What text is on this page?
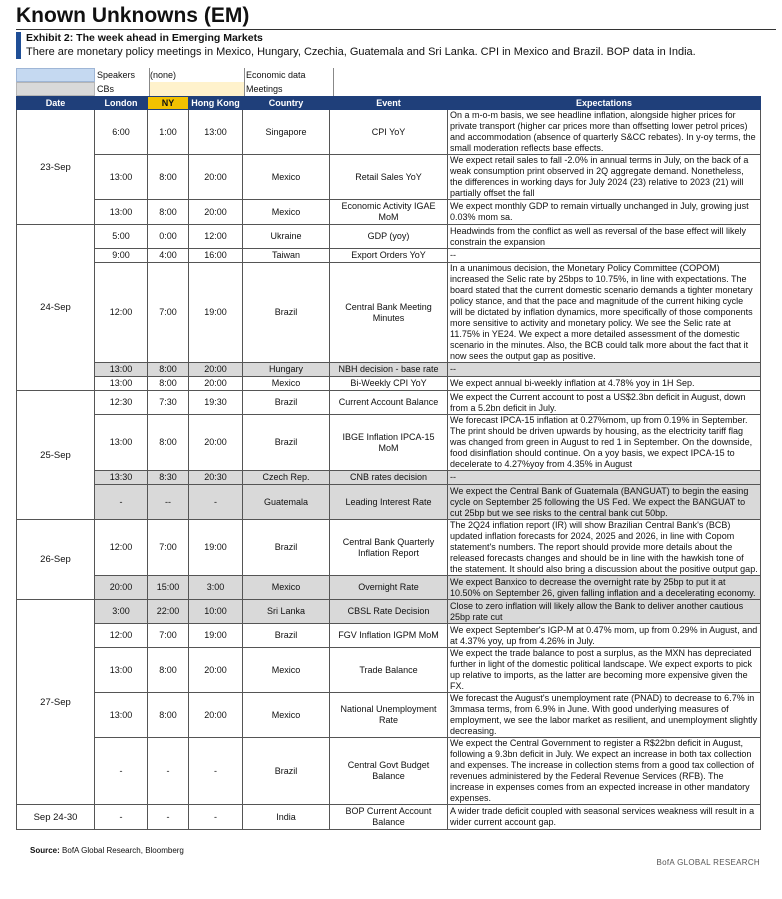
Known Unknowns (EM)
Exhibit 2: The week ahead in Emerging Markets
There are monetary policy meetings in Mexico, Hungary, Czechia, Guatemala and Sri Lanka. CPI in Mexico and Brazil. BOP data in India.
Speakers (none)	Economic data
CBs	Meetings
Date	London	NY	Hong Kong	Country	Event	Expectations
23-Sep	6:00	1:00	13:00	Singapore	CPI YoY	On a m-o-m basis, we see headline inflation, alongside higher prices for private transport (higher car prices more than offsetting lower petrol prices) and accommodation (absence of quarterly S&CC rebates). In y-oy terms, the small moderation reflects base effects.
	13:00	8:00	20:00	Mexico	Retail Sales YoY	We expect retail sales to fall -2.0% in annual terms in July, on the back of a weak consumption print observed in 2Q aggregate demand. Nonetheless, the differences in working days for July 2024 (23) relative to 2023 (21) will partially offset the fall
	13:00	8:00	20:00	Mexico	Economic Activity IGAE MoM	We expect monthly GDP to remain virtually unchanged in July, growing just 0.03% mom sa.
24-Sep	5:00	0:00	12:00	Ukraine	GDP (yoy)	Headwinds from the conflict as well as reversal of the base effect will likely constrain the expansion
	9:00	4:00	16:00	Taiwan	Export Orders YoY	--
	12:00	7:00	19:00	Brazil	Central Bank Meeting Minutes	In a unanimous decision, the Monetary Policy Committee (COPOM) increased the Selic rate by 25bps to 10.75%, in line with expectations. The board stated that the current domestic scenario demands a tighter monetary policy stance, and that the pace and magnitude of the current hiking cycle will be dictated by inflation dynamics, more specifically of those components more sensitive to activity and monetary policy. We see the Selic rate at 11.75% in YE24. We expect a more detailed assessment of the domestic scenario in the minutes. Also, the BCB could talk more about the fact that it now sees the output gap as positive.
	13:00	8:00	20:00	Hungary	NBH decision - base rate	--
	13:00	8:00	20:00	Mexico	Bi-Weekly CPI YoY	We expect annual bi-weekly inflation at 4.78% yoy in 1H Sep.
25-Sep	12:30	7:30	19:30	Brazil	Current Account Balance	We expect the Current account to post a US$2.3bn deficit in August, down from a 5.2bn deficit in July.
	13:00	8:00	20:00	Brazil	IBGE Inflation IPCA-15 MoM	We forecast IPCA-15 inflation at 0.27%mom, up from 0.19% in September. The print should be driven upwards by housing, as the electricity tariff flag was changed from green in August to red 1 in September. On the downside, food disinflation should continue. On a yoy basis, we expect IPCA-15 to decelerate to 4.27%yoy from 4.35% in August
	13:30	8:30	20:30	Czech Rep.	CNB rates decision	--
	-	--	-	Guatemala	Leading Interest Rate	We expect the Central Bank of Guatemala (BANGUAT) to begin the easing cycle on September 25 following the US Fed. We expect the BANGUAT to cut 25bp but we see risks to the central bank cut 50bp.
26-Sep	12:00	7:00	19:00	Brazil	Central Bank Quarterly Inflation Report	The 2Q24 inflation report (IR) will show Brazilian Central Bank's (BCB) updated inflation forecasts for 2024, 2025 and 2026, in line with Copom statement's numbers. The report should provide more details about the released forecasts changes and should be in line with the hawkish tone of the statement. It should also bring a discussion about the positive output gap.
	20:00	15:00	3:00	Mexico	Overnight Rate	We expect Banxico to decrease the overnight rate by 25bp to put it at 10.50% on September 26, given falling inflation and a decelerating economy.
27-Sep	3:00	22:00	10:00	Sri Lanka	CBSL Rate Decision	Close to zero inflation will likely allow the Bank to deliver another cautious 25bp rate cut
	12:00	7:00	19:00	Brazil	FGV Inflation IGPM MoM	We expect September's IGP-M at 0.47% mom, up from 0.29% in August, and at 4.37% yoy, up from 4.26% in July.
	13:00	8:00	20:00	Mexico	Trade Balance	We expect the trade balance to post a surplus, as the MXN has depreciated further in light of the domestic political landscape. We expect exports to pick up relative to imports, as the latter are becoming more expensive given the FX.
	13:00	8:00	20:00	Mexico	National Unemployment Rate	We forecast the August's unemployment rate (PNAD) to decrease to 6.7% in 3mmasa terms, from 6.9% in June. With good underlying measures of employment, we see the labor market as resilient, and unemployment slightly decreasing.
	-	-	-	Brazil	Central Govt Budget Balance	We expect the Central Government to register a R$22bn deficit in August, following a 9.3bn deficit in July. We expect an increase in both tax collection and expenses. The increase in collection stems from a good tax collection of revenues administered by the Federal Revenue Services (RFB). The increase in expenses comes from an expected increase in other mandatory expenses.
Sep 24-30	-	-	-	India	BOP Current Account Balance	A wider trade deficit coupled with seasonal services weakness will result in a wider current account gap.
Source: BofA Global Research, Bloomberg
BofA GLOBAL RESEARCH
